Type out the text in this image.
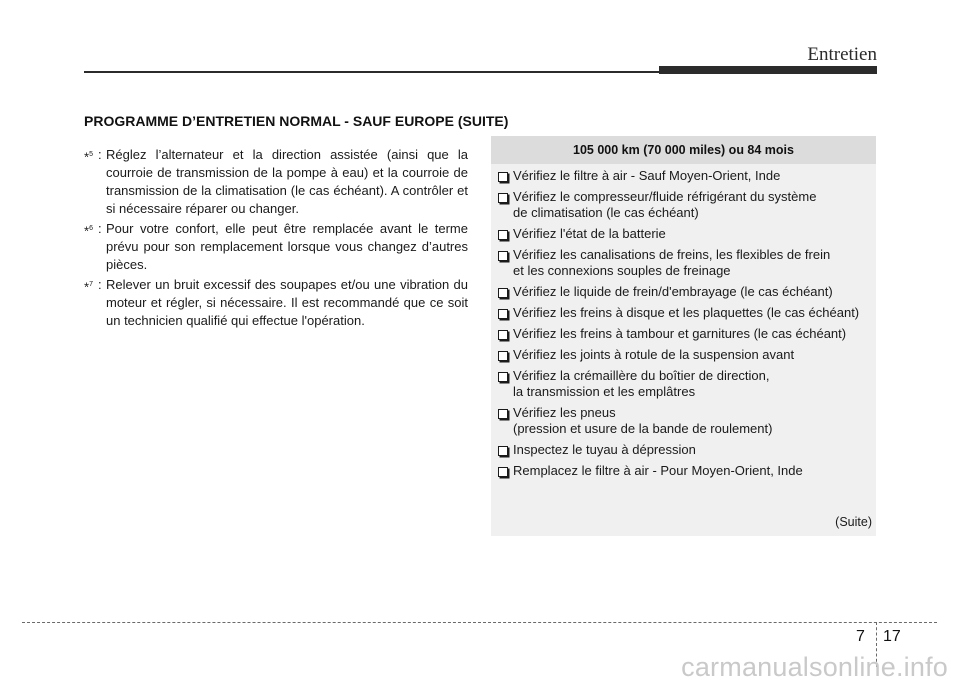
Entretien
PROGRAMME D’ENTRETIEN NORMAL - SAUF EUROPE (SUITE)
*$^5$ : Réglez l’alternateur et la direction assistée (ainsi que la courroie de transmission de la pompe à eau) et la courroie de transmission de la climatisation (le cas échéant). A contrôler et si nécessaire réparer ou changer.
*$^6$ : Pour votre confort, elle peut être remplacée avant le terme prévu pour son remplacement lorsque vous changez d’autres pièces.
*$^7$ : Relever un bruit excessif des soupapes et/ou une vibration du moteur et régler, si nécessaire. Il est recommandé que ce soit un technicien qualifié qui effectue l'opération.
105 000 km (70 000 miles) ou 84 mois
Vérifiez le filtre à air - Sauf Moyen-Orient, Inde
Vérifiez le compresseur/fluide réfrigérant du système
de climatisation (le cas échéant)
Vérifiez l'état de la batterie
Vérifiez les canalisations de freins, les flexibles de frein
et les connexions souples de freinage
Vérifiez le liquide de frein/d'embrayage (le cas échéant)
Vérifiez les freins à disque et les plaquettes (le cas échéant)
Vérifiez les freins à tambour et garnitures (le cas échéant)
Vérifiez les joints à rotule de la suspension avant
Vérifiez la crémaillère du boîtier de direction,
la transmission et les emplâtres
Vérifiez les pneus
(pression et usure de la bande de roulement)
Inspectez le tuyau à dépression
Remplacez le filtre à air - Pour Moyen-Orient, Inde
(Suite)
7 17
carmanualsonline.info
